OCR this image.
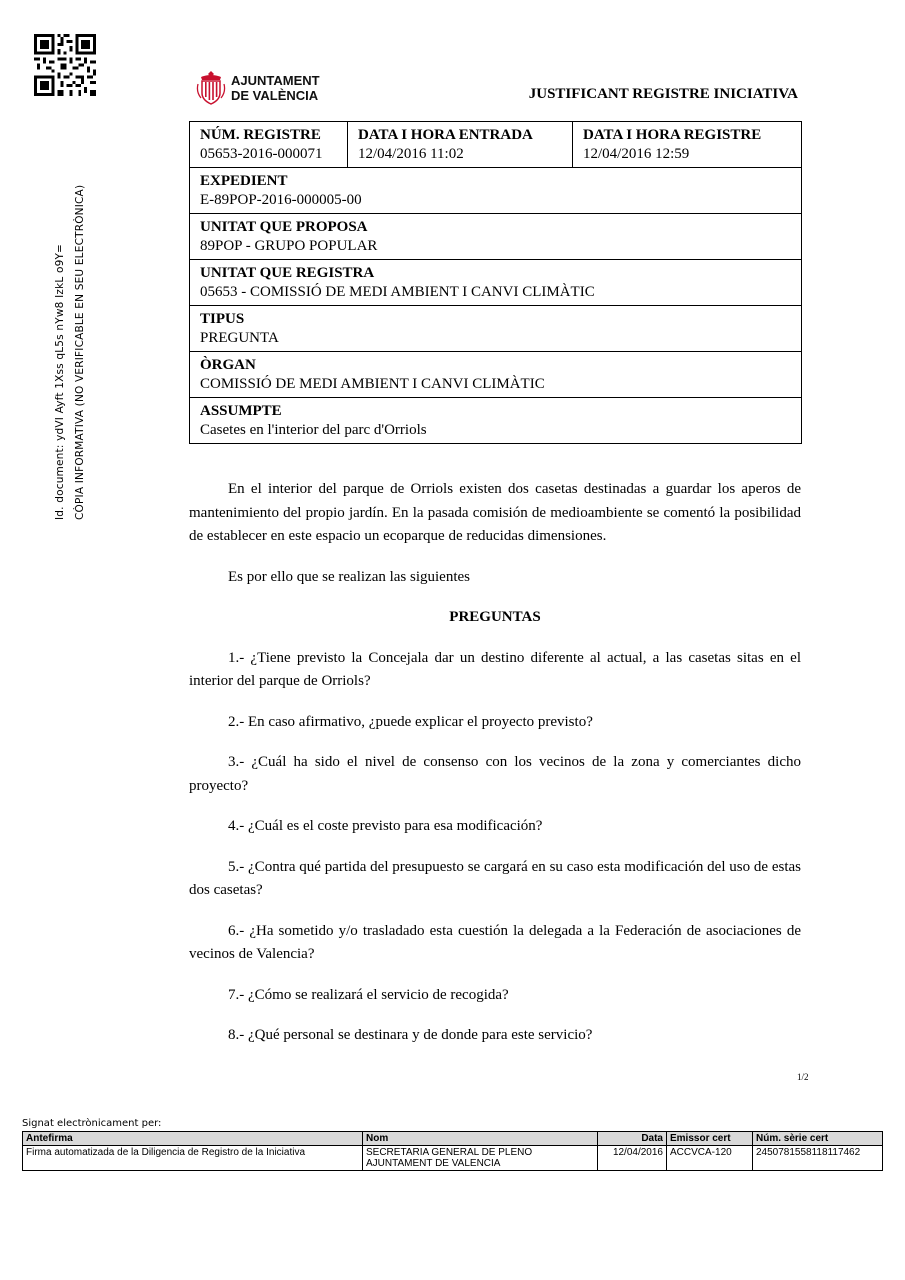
Id. document: ydVI Ayft 1Xss qL5s nYw8 IzkL o9Y= CÒPIA INFORMATIVA (NO VERIFICABLE EN SEU ELECTRÒNICA)
AJUNTAMENT
DE VALÈNCIA	JUSTIFICANT REGISTRE INICIATIVA
NÚM. REGISTRE
05653-2016-000071

DATA I HORA ENTRADA
12/04/2016 11:02

DATA I HORA REGISTRE
12/04/2016 12:59

EXPEDIENT
E-89POP-2016-000005-00

UNITAT QUE PROPOSA
89POP - GRUPO POPULAR

UNITAT QUE REGISTRA
05653 - COMISSIÓ DE MEDI AMBIENT I CANVI CLIMÀTIC

TIPUS
PREGUNTA

ÒRGAN
COMISSIÓ DE MEDI AMBIENT I CANVI CLIMÀTIC

ASSUMPTE
Casetes en l'interior del parc d'Orriols

En el interior del parque de Orriols existen dos casetas destinadas a guardar los aperos de mantenimiento del propio jardín. En la pasada comisión de medioambiente se comentó la posibilidad de establecer en este espacio un ecoparque de reducidas dimensiones.

Es por ello que se realizan las siguientes

PREGUNTAS

1.- ¿Tiene previsto la Concejala dar un destino diferente al actual, a las casetas sitas en el interior del parque de Orriols?

2.- En caso afirmativo, ¿puede explicar el proyecto previsto?

3.- ¿Cuál ha sido el nivel de consenso con los vecinos de la zona y comerciantes dicho proyecto?

4.- ¿Cuál es el coste previsto para esa modificación?

5.- ¿Contra qué partida del presupuesto se cargará en su caso esta modificación del uso de estas dos casetas?

6.- ¿Ha sometido y/o trasladado esta cuestión la delegada a la Federación de asociaciones de vecinos de Valencia?

7.- ¿Cómo se realizará el servicio de recogida?

8.- ¿Qué personal se destinara y de donde para este servicio?

1/2
Signat electrònicament per:
Antefirma	Nom	Data	Emissor cert	Núm. sèrie cert
Firma automatizada de la Diligencia de Registro de la Iniciativa	SECRETARIA GENERAL DE PLENO
AJUNTAMENT DE VALENCIA	12/04/2016	ACCVCA-120	2450781558118117462
